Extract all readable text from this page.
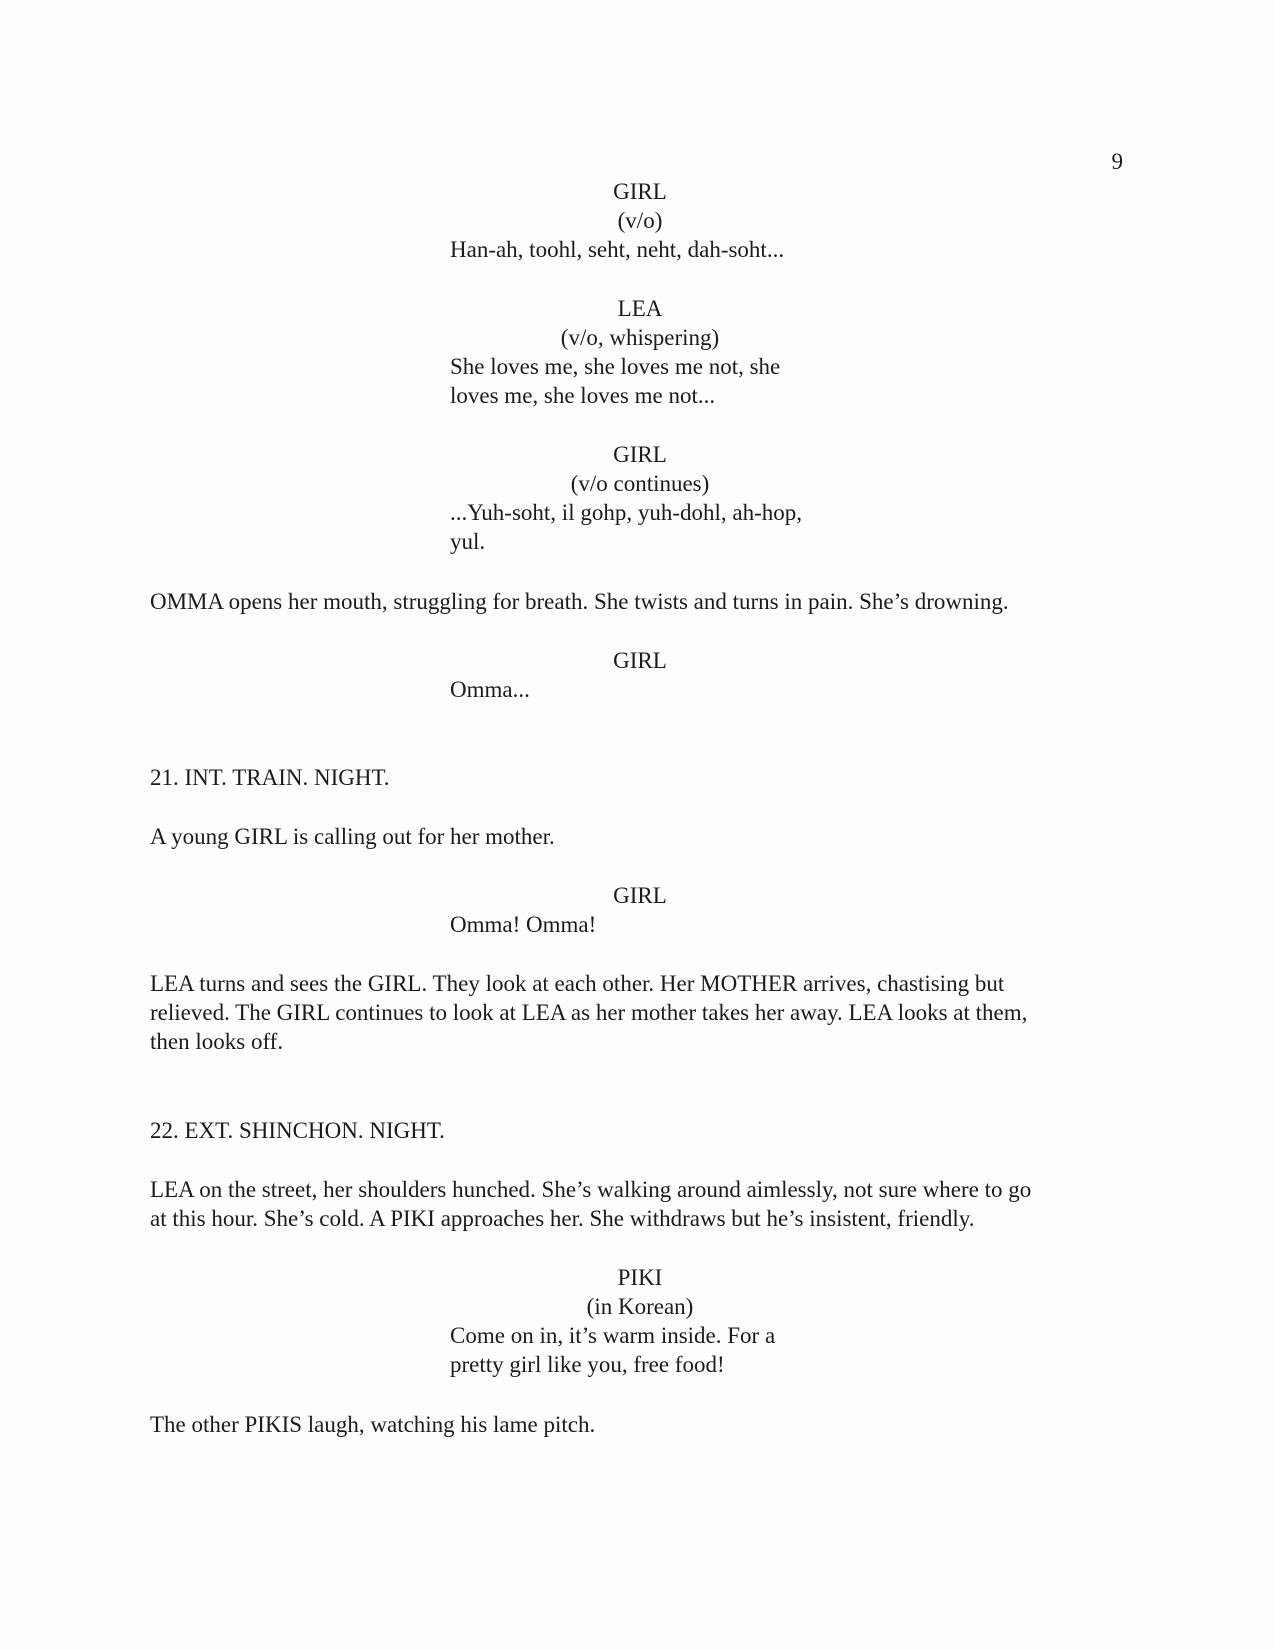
9
GIRL
(v/o)
Han-ah, toohl, seht, neht, dah-soht...
LEA
(v/o, whispering)
She loves me, she loves me not, she
loves me, she loves me not...
GIRL
(v/o continues)
...Yuh-soht, il gohp, yuh-dohl, ah-hop,
yul.
OMMA opens her mouth, struggling for breath. She twists and turns in pain. She’s drowning.
GIRL
Omma...
21. INT. TRAIN. NIGHT.
A young GIRL is calling out for her mother.
GIRL
Omma! Omma!
LEA turns and sees the GIRL. They look at each other. Her MOTHER arrives, chastising but
relieved. The GIRL continues to look at LEA as her mother takes her away. LEA looks at them,
then looks off.
22. EXT. SHINCHON. NIGHT.
LEA on the street, her shoulders hunched. She’s walking around aimlessly, not sure where to go
at this hour. She’s cold. A PIKI approaches her. She withdraws but he’s insistent, friendly.
PIKI
(in Korean)
Come on in, it’s warm inside. For a
pretty girl like you, free food!
The other PIKIS laugh, watching his lame pitch.
